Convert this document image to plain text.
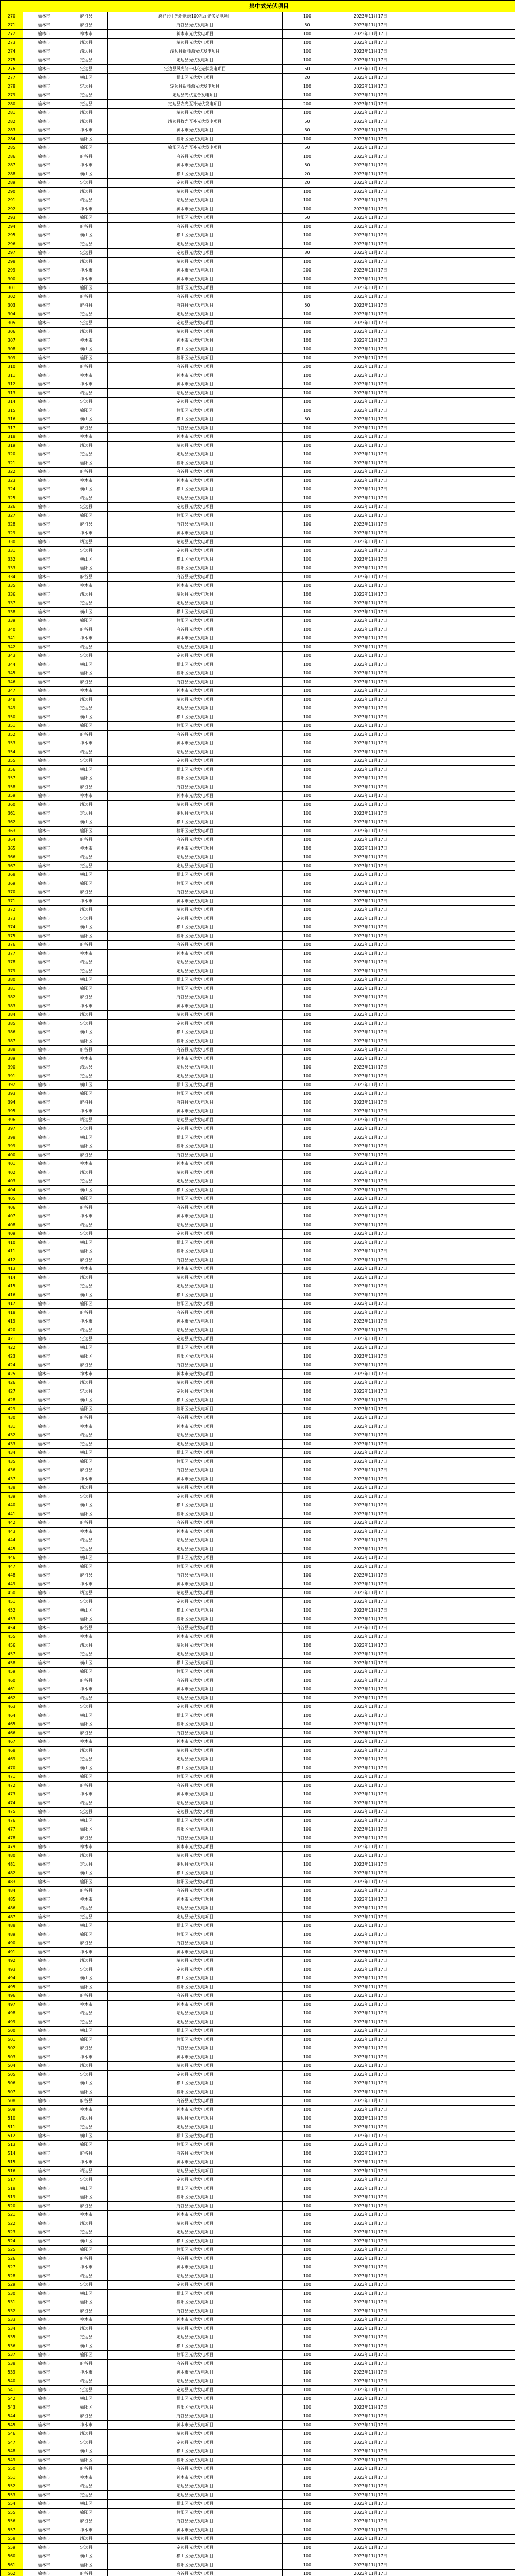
	集中式光伏项目							
270	榆林市	府谷县	府谷县中光新能源100兆瓦光伏发电项目	100	2023年11月17日			
271	榆林市	府谷县	府谷县光伏发电项目	50	2023年11月17日			
272	榆林市	神木市	神木市光伏发电项目	100	2023年11月17日			
273	榆林市	靖边县	靖边县光伏发电项目	100	2023年11月17日			
274	榆林市	靖边县	靖边县新能源光伏发电项目	100	2023年11月17日			
275	榆林市	定边县	定边县光伏发电项目	100	2023年11月17日			
276	榆林市	定边县	定边县风光储一体化光伏发电项目	50	2023年11月17日			
277	榆林市	横山区	横山区光伏发电项目	20	2023年11月17日			
278	榆林市	定边县	定边县新能源光伏发电项目	100	2023年11月17日			
279	榆林市	定边县	定边县光伏复合发电项目	100	2023年11月17日			
280	榆林市	定边县	定边县农光互补光伏发电项目	200	2023年11月17日			
281	榆林市	靖边县	靖边县光伏发电项目	100	2023年11月17日			
282	榆林市	靖边县	靖边县牧光互补光伏发电项目	50	2023年11月17日			
283	榆林市	神木市	神木市光伏发电项目	30	2023年11月17日			
284	榆林市	榆阳区	榆阳区光伏发电项目	100	2023年11月17日			
285	榆林市	榆阳区	榆阳区农光互补光伏发电项目	50	2023年11月17日			
286	榆林市	府谷县	府谷县光伏发电项目	100	2023年11月17日			
287	榆林市	神木市	神木市光伏发电项目	50	2023年11月17日			
288	榆林市	横山区	横山区光伏发电项目	20	2023年11月17日			
289	榆林市	定边县	定边县光伏发电项目	20	2023年11月17日			
290	榆林市	靖边县	靖边县光伏发电项目	100	2023年11月17日			
291	榆林市	靖边县	靖边县光伏发电项目	100	2023年11月17日			
292	榆林市	神木市	神木市光伏发电项目	100	2023年11月17日			
293	榆林市	榆阳区	榆阳区光伏发电项目	50	2023年11月17日			
294	榆林市	府谷县	府谷县光伏发电项目	100	2023年11月17日			
295	榆林市	横山区	横山区光伏发电项目	100	2023年11月17日			
296	榆林市	定边县	定边县光伏发电项目	100	2023年11月17日			
297	榆林市	定边县	定边县光伏发电项目	30	2023年11月17日			
298	榆林市	靖边县	靖边县光伏发电项目	100	2023年11月17日			
299	榆林市	神木市	神木市光伏发电项目	200	2023年11月17日			
300	榆林市	神木市	神木市光伏发电项目	100	2023年11月17日			
301	榆林市	榆阳区	榆阳区光伏发电项目	100	2023年11月17日			
302	榆林市	府谷县	府谷县光伏发电项目	100	2023年11月17日			
303	榆林市	府谷县	府谷县光伏发电项目	50	2023年11月17日			
304	榆林市	定边县	定边县光伏发电项目	100	2023年11月17日			
305	榆林市	定边县	定边县光伏发电项目	100	2023年11月17日			
306	榆林市	靖边县	靖边县光伏发电项目	100	2023年11月17日			
307	榆林市	神木市	神木市光伏发电项目	100	2023年11月17日			
308	榆林市	横山区	横山区光伏发电项目	100	2023年11月17日			
309	榆林市	榆阳区	榆阳区光伏发电项目	100	2023年11月17日			
310	榆林市	府谷县	府谷县光伏发电项目	200	2023年11月17日			
311	榆林市	神木市	神木市光伏发电项目	100	2023年11月17日			
312	榆林市	神木市	神木市光伏发电项目	100	2023年11月17日			
313	榆林市	靖边县	靖边县光伏发电项目	100	2023年11月17日			
314	榆林市	定边县	定边县光伏发电项目	100	2023年11月17日			
315	榆林市	榆阳区	榆阳区光伏发电项目	100	2023年11月17日			
316	榆林市	横山区	横山区光伏发电项目	50	2023年11月17日			
317	榆林市	府谷县	府谷县光伏发电项目	100	2023年11月17日			
318	榆林市	神木市	神木市光伏发电项目	100	2023年11月17日			
319	榆林市	靖边县	靖边县光伏发电项目	100	2023年11月17日			
320	榆林市	定边县	定边县光伏发电项目	100	2023年11月17日			
321	榆林市	榆阳区	榆阳区光伏发电项目	100	2023年11月17日			
322	榆林市	府谷县	府谷县光伏发电项目	100	2023年11月17日			
323	榆林市	神木市	神木市光伏发电项目	100	2023年11月17日			
324	榆林市	横山区	横山区光伏发电项目	100	2023年11月17日			
325	榆林市	靖边县	靖边县光伏发电项目	100	2023年11月17日			
326	榆林市	定边县	定边县光伏发电项目	100	2023年11月17日			
327	榆林市	榆阳区	榆阳区光伏发电项目	100	2023年11月17日			
328	榆林市	府谷县	府谷县光伏发电项目	100	2023年11月17日			
329	榆林市	神木市	神木市光伏发电项目	100	2023年11月17日			
330	榆林市	靖边县	靖边县光伏发电项目	100	2023年11月17日			
331	榆林市	定边县	定边县光伏发电项目	100	2023年11月17日			
332	榆林市	横山区	横山区光伏发电项目	100	2023年11月17日			
333	榆林市	榆阳区	榆阳区光伏发电项目	100	2023年11月17日			
334	榆林市	府谷县	府谷县光伏发电项目	100	2023年11月17日			
335	榆林市	神木市	神木市光伏发电项目	100	2023年11月17日			
336	榆林市	靖边县	靖边县光伏发电项目	100	2023年11月17日			
337	榆林市	定边县	定边县光伏发电项目	100	2023年11月17日			
338	榆林市	横山区	横山区光伏发电项目	100	2023年11月17日			
339	榆林市	榆阳区	榆阳区光伏发电项目	100	2023年11月17日			
340	榆林市	府谷县	府谷县光伏发电项目	100	2023年11月17日			
341	榆林市	神木市	神木市光伏发电项目	100	2023年11月17日			
342	榆林市	靖边县	靖边县光伏发电项目	100	2023年11月17日			
343	榆林市	定边县	定边县光伏发电项目	100	2023年11月17日			
344	榆林市	横山区	横山区光伏发电项目	100	2023年11月17日			
345	榆林市	榆阳区	榆阳区光伏发电项目	100	2023年11月17日			
346	榆林市	府谷县	府谷县光伏发电项目	100	2023年11月17日			
347	榆林市	神木市	神木市光伏发电项目	100	2023年11月17日			
348	榆林市	靖边县	靖边县光伏发电项目	100	2023年11月17日			
349	榆林市	定边县	定边县光伏发电项目	100	2023年11月17日			
350	榆林市	横山区	横山区光伏发电项目	100	2023年11月17日			
351	榆林市	榆阳区	榆阳区光伏发电项目	100	2023年11月17日			
352	榆林市	府谷县	府谷县光伏发电项目	100	2023年11月17日			
353	榆林市	神木市	神木市光伏发电项目	100	2023年11月17日			
354	榆林市	靖边县	靖边县光伏发电项目	100	2023年11月17日			
355	榆林市	定边县	定边县光伏发电项目	100	2023年11月17日			
356	榆林市	横山区	横山区光伏发电项目	100	2023年11月17日			
357	榆林市	榆阳区	榆阳区光伏发电项目	100	2023年11月17日			
358	榆林市	府谷县	府谷县光伏发电项目	100	2023年11月17日			
359	榆林市	神木市	神木市光伏发电项目	100	2023年11月17日			
360	榆林市	靖边县	靖边县光伏发电项目	100	2023年11月17日			
361	榆林市	定边县	定边县光伏发电项目	100	2023年11月17日			
362	榆林市	横山区	横山区光伏发电项目	100	2023年11月17日			
363	榆林市	榆阳区	榆阳区光伏发电项目	100	2023年11月17日			
364	榆林市	府谷县	府谷县光伏发电项目	100	2023年11月17日			
365	榆林市	神木市	神木市光伏发电项目	100	2023年11月17日			
366	榆林市	靖边县	靖边县光伏发电项目	100	2023年11月17日			
367	榆林市	定边县	定边县光伏发电项目	100	2023年11月17日			
368	榆林市	横山区	横山区光伏发电项目	100	2023年11月17日			
369	榆林市	榆阳区	榆阳区光伏发电项目	100	2023年11月17日			
370	榆林市	府谷县	府谷县光伏发电项目	100	2023年11月17日			
371	榆林市	神木市	神木市光伏发电项目	100	2023年11月17日			
372	榆林市	靖边县	靖边县光伏发电项目	100	2023年11月17日			
373	榆林市	定边县	定边县光伏发电项目	100	2023年11月17日			
374	榆林市	横山区	横山区光伏发电项目	100	2023年11月17日			
375	榆林市	榆阳区	榆阳区光伏发电项目	100	2023年11月17日			
376	榆林市	府谷县	府谷县光伏发电项目	100	2023年11月17日			
377	榆林市	神木市	神木市光伏发电项目	100	2023年11月17日			
378	榆林市	靖边县	靖边县光伏发电项目	100	2023年11月17日			
379	榆林市	定边县	定边县光伏发电项目	100	2023年11月17日			
380	榆林市	横山区	横山区光伏发电项目	100	2023年11月17日			
381	榆林市	榆阳区	榆阳区光伏发电项目	100	2023年11月17日			
382	榆林市	府谷县	府谷县光伏发电项目	100	2023年11月17日			
383	榆林市	神木市	神木市光伏发电项目	100	2023年11月17日			
384	榆林市	靖边县	靖边县光伏发电项目	100	2023年11月17日			
385	榆林市	定边县	定边县光伏发电项目	100	2023年11月17日			
386	榆林市	横山区	横山区光伏发电项目	100	2023年11月17日			
387	榆林市	榆阳区	榆阳区光伏发电项目	100	2023年11月17日			
388	榆林市	府谷县	府谷县光伏发电项目	100	2023年11月17日			
389	榆林市	神木市	神木市光伏发电项目	100	2023年11月17日			
390	榆林市	靖边县	靖边县光伏发电项目	100	2023年11月17日			
391	榆林市	定边县	定边县光伏发电项目	100	2023年11月17日			
392	榆林市	横山区	横山区光伏发电项目	100	2023年11月17日			
393	榆林市	榆阳区	榆阳区光伏发电项目	100	2023年11月17日			
394	榆林市	府谷县	府谷县光伏发电项目	100	2023年11月17日			
395	榆林市	神木市	神木市光伏发电项目	100	2023年11月17日			
396	榆林市	靖边县	靖边县光伏发电项目	100	2023年11月17日			
397	榆林市	定边县	定边县光伏发电项目	100	2023年11月17日			
398	榆林市	横山区	横山区光伏发电项目	100	2023年11月17日			
399	榆林市	榆阳区	榆阳区光伏发电项目	100	2023年11月17日			
400	榆林市	府谷县	府谷县光伏发电项目	100	2023年11月17日			
401	榆林市	神木市	神木市光伏发电项目	100	2023年11月17日			
402	榆林市	靖边县	靖边县光伏发电项目	100	2023年11月17日			
403	榆林市	定边县	定边县光伏发电项目	100	2023年11月17日			
404	榆林市	横山区	横山区光伏发电项目	100	2023年11月17日			
405	榆林市	榆阳区	榆阳区光伏发电项目	100	2023年11月17日			
406	榆林市	府谷县	府谷县光伏发电项目	100	2023年11月17日			
407	榆林市	神木市	神木市光伏发电项目	100	2023年11月17日			
408	榆林市	靖边县	靖边县光伏发电项目	100	2023年11月17日			
409	榆林市	定边县	定边县光伏发电项目	100	2023年11月17日			
410	榆林市	横山区	横山区光伏发电项目	100	2023年11月17日			
411	榆林市	榆阳区	榆阳区光伏发电项目	100	2023年11月17日			
412	榆林市	府谷县	府谷县光伏发电项目	100	2023年11月17日			
413	榆林市	神木市	神木市光伏发电项目	100	2023年11月17日			
414	榆林市	靖边县	靖边县光伏发电项目	100	2023年11月17日			
415	榆林市	定边县	定边县光伏发电项目	100	2023年11月17日			
416	榆林市	横山区	横山区光伏发电项目	100	2023年11月17日			
417	榆林市	榆阳区	榆阳区光伏发电项目	100	2023年11月17日			
418	榆林市	府谷县	府谷县光伏发电项目	100	2023年11月17日			
419	榆林市	神木市	神木市光伏发电项目	100	2023年11月17日			
420	榆林市	靖边县	靖边县光伏发电项目	100	2023年11月17日			
421	榆林市	定边县	定边县光伏发电项目	100	2023年11月17日			
422	榆林市	横山区	横山区光伏发电项目	100	2023年11月17日			
423	榆林市	榆阳区	榆阳区光伏发电项目	100	2023年11月17日			
424	榆林市	府谷县	府谷县光伏发电项目	100	2023年11月17日			
425	榆林市	神木市	神木市光伏发电项目	100	2023年11月17日			
426	榆林市	靖边县	靖边县光伏发电项目	100	2023年11月17日			
427	榆林市	定边县	定边县光伏发电项目	100	2023年11月17日			
428	榆林市	横山区	横山区光伏发电项目	100	2023年11月17日			
429	榆林市	榆阳区	榆阳区光伏发电项目	100	2023年11月17日			
430	榆林市	府谷县	府谷县光伏发电项目	100	2023年11月17日			
431	榆林市	神木市	神木市光伏发电项目	100	2023年11月17日			
432	榆林市	靖边县	靖边县光伏发电项目	100	2023年11月17日			
433	榆林市	定边县	定边县光伏发电项目	100	2023年11月17日			
434	榆林市	横山区	横山区光伏发电项目	100	2023年11月17日			
435	榆林市	榆阳区	榆阳区光伏发电项目	100	2023年11月17日			
436	榆林市	府谷县	府谷县光伏发电项目	100	2023年11月17日			
437	榆林市	神木市	神木市光伏发电项目	100	2023年11月17日			
438	榆林市	靖边县	靖边县光伏发电项目	100	2023年11月17日			
439	榆林市	定边县	定边县光伏发电项目	100	2023年11月17日			
440	榆林市	横山区	横山区光伏发电项目	100	2023年11月17日			
441	榆林市	榆阳区	榆阳区光伏发电项目	100	2023年11月17日			
442	榆林市	府谷县	府谷县光伏发电项目	100	2023年11月17日			
443	榆林市	神木市	神木市光伏发电项目	100	2023年11月17日			
444	榆林市	靖边县	靖边县光伏发电项目	100	2023年11月17日			
445	榆林市	定边县	定边县光伏发电项目	100	2023年11月17日			
446	榆林市	横山区	横山区光伏发电项目	100	2023年11月17日			
447	榆林市	榆阳区	榆阳区光伏发电项目	100	2023年11月17日			
448	榆林市	府谷县	府谷县光伏发电项目	100	2023年11月17日			
449	榆林市	神木市	神木市光伏发电项目	100	2023年11月17日			
450	榆林市	靖边县	靖边县光伏发电项目	100	2023年11月17日			
451	榆林市	定边县	定边县光伏发电项目	100	2023年11月17日			
452	榆林市	横山区	横山区光伏发电项目	100	2023年11月17日			
453	榆林市	榆阳区	榆阳区光伏发电项目	100	2023年11月17日			
454	榆林市	府谷县	府谷县光伏发电项目	100	2023年11月17日			
455	榆林市	神木市	神木市光伏发电项目	100	2023年11月17日			
456	榆林市	靖边县	靖边县光伏发电项目	100	2023年11月17日			
457	榆林市	定边县	定边县光伏发电项目	100	2023年11月17日			
458	榆林市	横山区	横山区光伏发电项目	100	2023年11月17日			
459	榆林市	榆阳区	榆阳区光伏发电项目	100	2023年11月17日			
460	榆林市	府谷县	府谷县光伏发电项目	100	2023年11月17日			
461	榆林市	神木市	神木市光伏发电项目	100	2023年11月17日			
462	榆林市	靖边县	靖边县光伏发电项目	100	2023年11月17日			
463	榆林市	定边县	定边县光伏发电项目	100	2023年11月17日			
464	榆林市	横山区	横山区光伏发电项目	100	2023年11月17日			
465	榆林市	榆阳区	榆阳区光伏发电项目	100	2023年11月17日			
466	榆林市	府谷县	府谷县光伏发电项目	100	2023年11月17日			
467	榆林市	神木市	神木市光伏发电项目	100	2023年11月17日			
468	榆林市	靖边县	靖边县光伏发电项目	100	2023年11月17日			
469	榆林市	定边县	定边县光伏发电项目	100	2023年11月17日			
470	榆林市	横山区	横山区光伏发电项目	100	2023年11月17日			
471	榆林市	榆阳区	榆阳区光伏发电项目	100	2023年11月17日			
472	榆林市	府谷县	府谷县光伏发电项目	100	2023年11月17日			
473	榆林市	神木市	神木市光伏发电项目	100	2023年11月17日			
474	榆林市	靖边县	靖边县光伏发电项目	100	2023年11月17日			
475	榆林市	定边县	定边县光伏发电项目	100	2023年11月17日			
476	榆林市	横山区	横山区光伏发电项目	100	2023年11月17日			
477	榆林市	榆阳区	榆阳区光伏发电项目	100	2023年11月17日			
478	榆林市	府谷县	府谷县光伏发电项目	100	2023年11月17日			
479	榆林市	神木市	神木市光伏发电项目	100	2023年11月17日			
480	榆林市	靖边县	靖边县光伏发电项目	100	2023年11月17日			
481	榆林市	定边县	定边县光伏发电项目	100	2023年11月17日			
482	榆林市	横山区	横山区光伏发电项目	100	2023年11月17日			
483	榆林市	榆阳区	榆阳区光伏发电项目	100	2023年11月17日			
484	榆林市	府谷县	府谷县光伏发电项目	100	2023年11月17日			
485	榆林市	神木市	神木市光伏发电项目	100	2023年11月17日			
486	榆林市	靖边县	靖边县光伏发电项目	100	2023年11月17日			
487	榆林市	定边县	定边县光伏发电项目	100	2023年11月17日			
488	榆林市	横山区	横山区光伏发电项目	100	2023年11月17日			
489	榆林市	榆阳区	榆阳区光伏发电项目	100	2023年11月17日			
490	榆林市	府谷县	府谷县光伏发电项目	100	2023年11月17日			
491	榆林市	神木市	神木市光伏发电项目	100	2023年11月17日			
492	榆林市	靖边县	靖边县光伏发电项目	100	2023年11月17日			
493	榆林市	定边县	定边县光伏发电项目	100	2023年11月17日			
494	榆林市	横山区	横山区光伏发电项目	100	2023年11月17日			
495	榆林市	榆阳区	榆阳区光伏发电项目	100	2023年11月17日			
496	榆林市	府谷县	府谷县光伏发电项目	100	2023年11月17日			
497	榆林市	神木市	神木市光伏发电项目	100	2023年11月17日			
498	榆林市	靖边县	靖边县光伏发电项目	100	2023年11月17日			
499	榆林市	定边县	定边县光伏发电项目	100	2023年11月17日			
500	榆林市	横山区	横山区光伏发电项目	100	2023年11月17日			
501	榆林市	榆阳区	榆阳区光伏发电项目	100	2023年11月17日			
502	榆林市	府谷县	府谷县光伏发电项目	100	2023年11月17日			
503	榆林市	神木市	神木市光伏发电项目	100	2023年11月17日			
504	榆林市	靖边县	靖边县光伏发电项目	100	2023年11月17日			
505	榆林市	定边县	定边县光伏发电项目	100	2023年11月17日			
506	榆林市	横山区	横山区光伏发电项目	100	2023年11月17日			
507	榆林市	榆阳区	榆阳区光伏发电项目	100	2023年11月17日			
508	榆林市	府谷县	府谷县光伏发电项目	100	2023年11月17日			
509	榆林市	神木市	神木市光伏发电项目	100	2023年11月17日			
510	榆林市	靖边县	靖边县光伏发电项目	100	2023年11月17日			
511	榆林市	定边县	定边县光伏发电项目	100	2023年11月17日			
512	榆林市	横山区	横山区光伏发电项目	100	2023年11月17日			
513	榆林市	榆阳区	榆阳区光伏发电项目	100	2023年11月17日			
514	榆林市	府谷县	府谷县光伏发电项目	100	2023年11月17日			
515	榆林市	神木市	神木市光伏发电项目	100	2023年11月17日			
516	榆林市	靖边县	靖边县光伏发电项目	100	2023年11月17日			
517	榆林市	定边县	定边县光伏发电项目	100	2023年11月17日			
518	榆林市	横山区	横山区光伏发电项目	100	2023年11月17日			
519	榆林市	榆阳区	榆阳区光伏发电项目	100	2023年11月17日			
520	榆林市	府谷县	府谷县光伏发电项目	100	2023年11月17日			
521	榆林市	神木市	神木市光伏发电项目	100	2023年11月17日			
522	榆林市	靖边县	靖边县光伏发电项目	100	2023年11月17日			
523	榆林市	定边县	定边县光伏发电项目	100	2023年11月17日			
524	榆林市	横山区	横山区光伏发电项目	100	2023年11月17日			
525	榆林市	榆阳区	榆阳区光伏发电项目	100	2023年11月17日			
526	榆林市	府谷县	府谷县光伏发电项目	100	2023年11月17日			
527	榆林市	神木市	神木市光伏发电项目	100	2023年11月17日			
528	榆林市	靖边县	靖边县光伏发电项目	100	2023年11月17日			
529	榆林市	定边县	定边县光伏发电项目	100	2023年11月17日			
530	榆林市	横山区	横山区光伏发电项目	100	2023年11月17日			
531	榆林市	榆阳区	榆阳区光伏发电项目	100	2023年11月17日			
532	榆林市	府谷县	府谷县光伏发电项目	100	2023年11月17日			
533	榆林市	神木市	神木市光伏发电项目	100	2023年11月17日			
534	榆林市	靖边县	靖边县光伏发电项目	100	2023年11月17日			
535	榆林市	定边县	定边县光伏发电项目	100	2023年11月17日			
536	榆林市	横山区	横山区光伏发电项目	100	2023年11月17日			
537	榆林市	榆阳区	榆阳区光伏发电项目	100	2023年11月17日			
538	榆林市	府谷县	府谷县光伏发电项目	100	2023年11月17日			
539	榆林市	神木市	神木市光伏发电项目	100	2023年11月17日			
540	榆林市	靖边县	靖边县光伏发电项目	100	2023年11月17日			
541	榆林市	定边县	定边县光伏发电项目	100	2023年11月17日			
542	榆林市	横山区	横山区光伏发电项目	100	2023年11月17日			
543	榆林市	榆阳区	榆阳区光伏发电项目	100	2023年11月17日			
544	榆林市	府谷县	府谷县光伏发电项目	100	2023年11月17日			
545	榆林市	神木市	神木市光伏发电项目	100	2023年11月17日			
546	榆林市	靖边县	靖边县光伏发电项目	100	2023年11月17日			
547	榆林市	定边县	定边县光伏发电项目	100	2023年11月17日			
548	榆林市	横山区	横山区光伏发电项目	100	2023年11月17日			
549	榆林市	榆阳区	榆阳区光伏发电项目	100	2023年11月17日			
550	榆林市	府谷县	府谷县光伏发电项目	100	2023年11月17日			
551	榆林市	神木市	神木市光伏发电项目	100	2023年11月17日			
552	榆林市	靖边县	靖边县光伏发电项目	100	2023年11月17日			
553	榆林市	定边县	定边县光伏发电项目	100	2023年11月17日			
554	榆林市	横山区	横山区光伏发电项目	100	2023年11月17日			
555	榆林市	榆阳区	榆阳区光伏发电项目	100	2023年11月17日			
556	榆林市	府谷县	府谷县光伏发电项目	100	2023年11月17日			
557	榆林市	神木市	神木市光伏发电项目	100	2023年11月17日			
558	榆林市	靖边县	靖边县光伏发电项目	100	2023年11月17日			
559	榆林市	定边县	定边县光伏发电项目	100	2023年11月17日			
560	榆林市	横山区	横山区光伏发电项目	100	2023年11月17日			
561	榆林市	榆阳区	榆阳区光伏发电项目	100	2023年11月17日			
562	榆林市	府谷县	府谷县光伏发电项目	100	2023年11月17日			
